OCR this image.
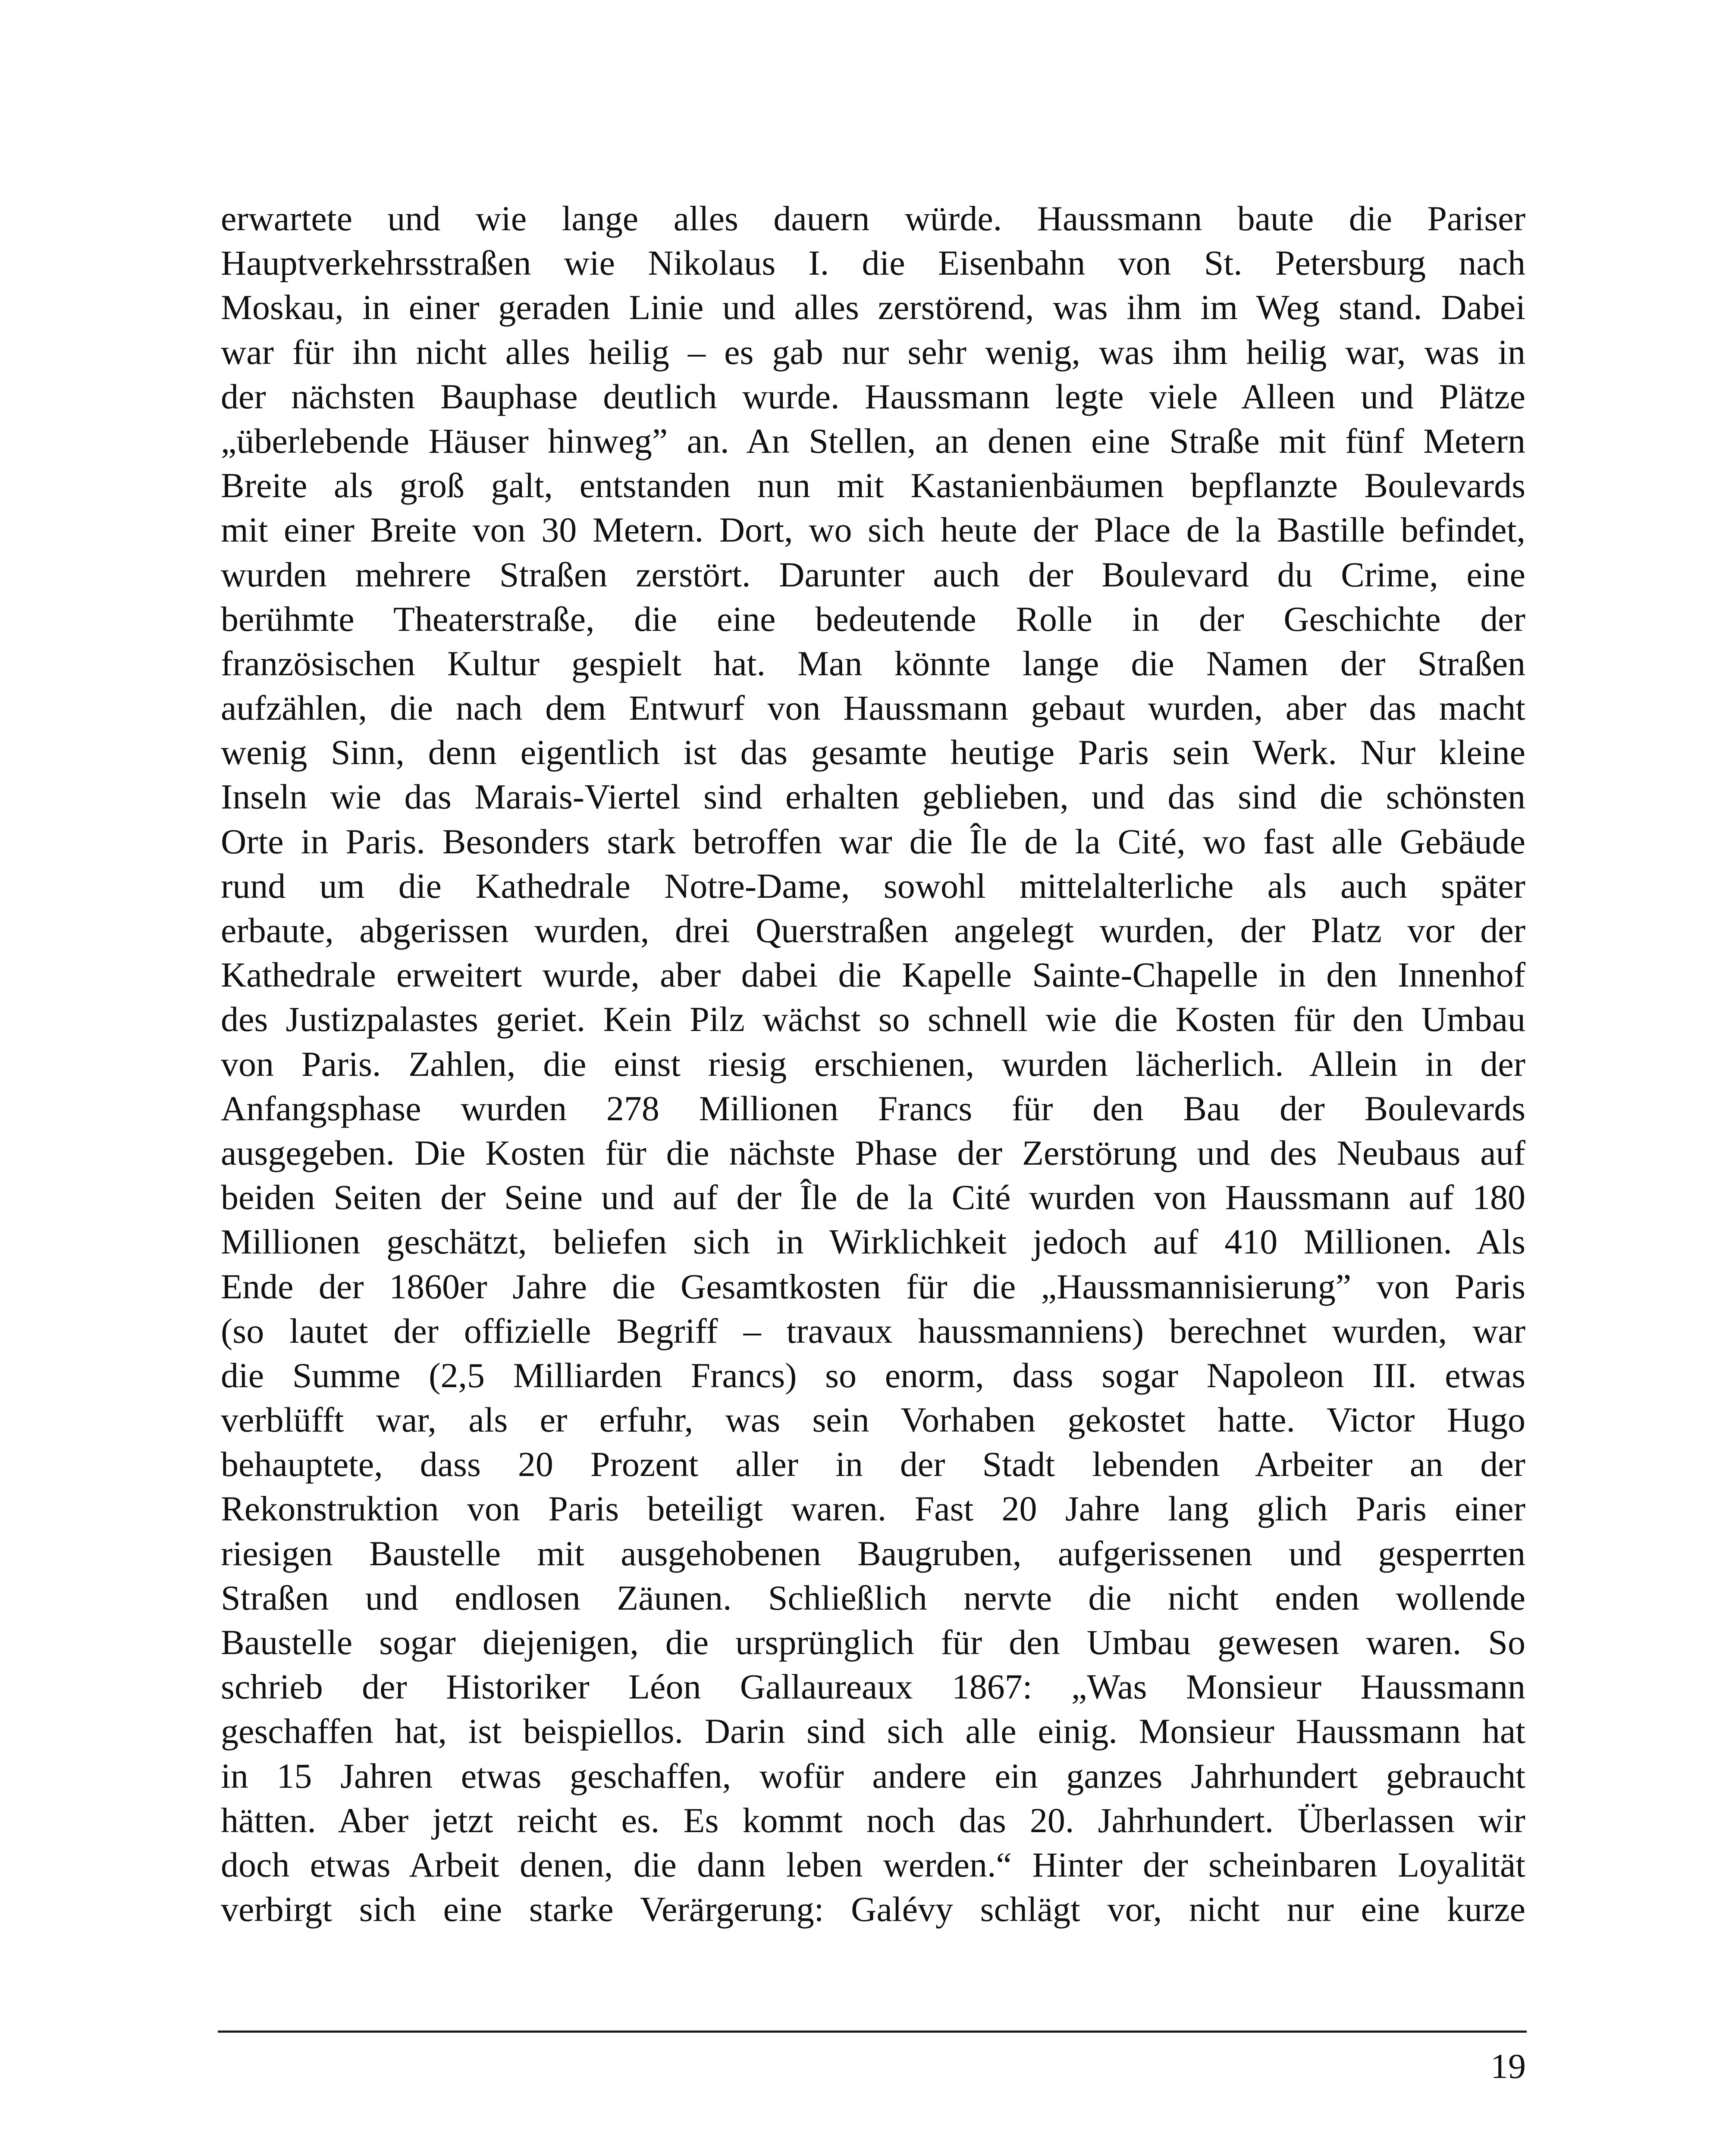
erwartete und wie lange alles dauern würde. Haussmann baute die Pariser
Hauptverkehrsstraßen wie Nikolaus I. die Eisenbahn von St. Petersburg nach
Moskau, in einer geraden Linie und alles zerstörend, was ihm im Weg stand. Dabei
war für ihn nicht alles heilig – es gab nur sehr wenig, was ihm heilig war, was in
der nächsten Bauphase deutlich wurde. Haussmann legte viele Alleen und Plätze
„überlebende Häuser hinweg” an. An Stellen, an denen eine Straße mit fünf Metern
Breite als groß galt, entstanden nun mit Kastanienbäumen bepflanzte Boulevards
mit einer Breite von 30 Metern. Dort, wo sich heute der Place de la Bastille befindet,
wurden mehrere Straßen zerstört. Darunter auch der Boulevard du Crime, eine
berühmte Theaterstraße, die eine bedeutende Rolle in der Geschichte der
französischen Kultur gespielt hat. Man könnte lange die Namen der Straßen
aufzählen, die nach dem Entwurf von Haussmann gebaut wurden, aber das macht
wenig Sinn, denn eigentlich ist das gesamte heutige Paris sein Werk. Nur kleine
Inseln wie das Marais-Viertel sind erhalten geblieben, und das sind die schönsten
Orte in Paris. Besonders stark betroffen war die Île de la Cité, wo fast alle Gebäude
rund um die Kathedrale Notre-Dame, sowohl mittelalterliche als auch später
erbaute, abgerissen wurden, drei Querstraßen angelegt wurden, der Platz vor der
Kathedrale erweitert wurde, aber dabei die Kapelle Sainte-Chapelle in den Innenhof
des Justizpalastes geriet. Kein Pilz wächst so schnell wie die Kosten für den Umbau
von Paris. Zahlen, die einst riesig erschienen, wurden lächerlich. Allein in der
Anfangsphase wurden 278 Millionen Francs für den Bau der Boulevards
ausgegeben. Die Kosten für die nächste Phase der Zerstörung und des Neubaus auf
beiden Seiten der Seine und auf der Île de la Cité wurden von Haussmann auf 180
Millionen geschätzt, beliefen sich in Wirklichkeit jedoch auf 410 Millionen. Als
Ende der 1860er Jahre die Gesamtkosten für die „Haussmannisierung” von Paris
(so lautet der offizielle Begriff – travaux haussmanniens) berechnet wurden, war
die Summe (2,5 Milliarden Francs) so enorm, dass sogar Napoleon III. etwas
verblüfft war, als er erfuhr, was sein Vorhaben gekostet hatte. Victor Hugo
behauptete, dass 20 Prozent aller in der Stadt lebenden Arbeiter an der
Rekonstruktion von Paris beteiligt waren. Fast 20 Jahre lang glich Paris einer
riesigen Baustelle mit ausgehobenen Baugruben, aufgerissenen und gesperrten
Straßen und endlosen Zäunen. Schließlich nervte die nicht enden wollende
Baustelle sogar diejenigen, die ursprünglich für den Umbau gewesen waren. So
schrieb der Historiker Léon Gallaureaux 1867: „Was Monsieur Haussmann
geschaffen hat, ist beispiellos. Darin sind sich alle einig. Monsieur Haussmann hat
in 15 Jahren etwas geschaffen, wofür andere ein ganzes Jahrhundert gebraucht
hätten. Aber jetzt reicht es. Es kommt noch das 20. Jahrhundert. Überlassen wir
doch etwas Arbeit denen, die dann leben werden.“ Hinter der scheinbaren Loyalität
verbirgt sich eine starke Verärgerung: Galévy schlägt vor, nicht nur eine kurze
19
